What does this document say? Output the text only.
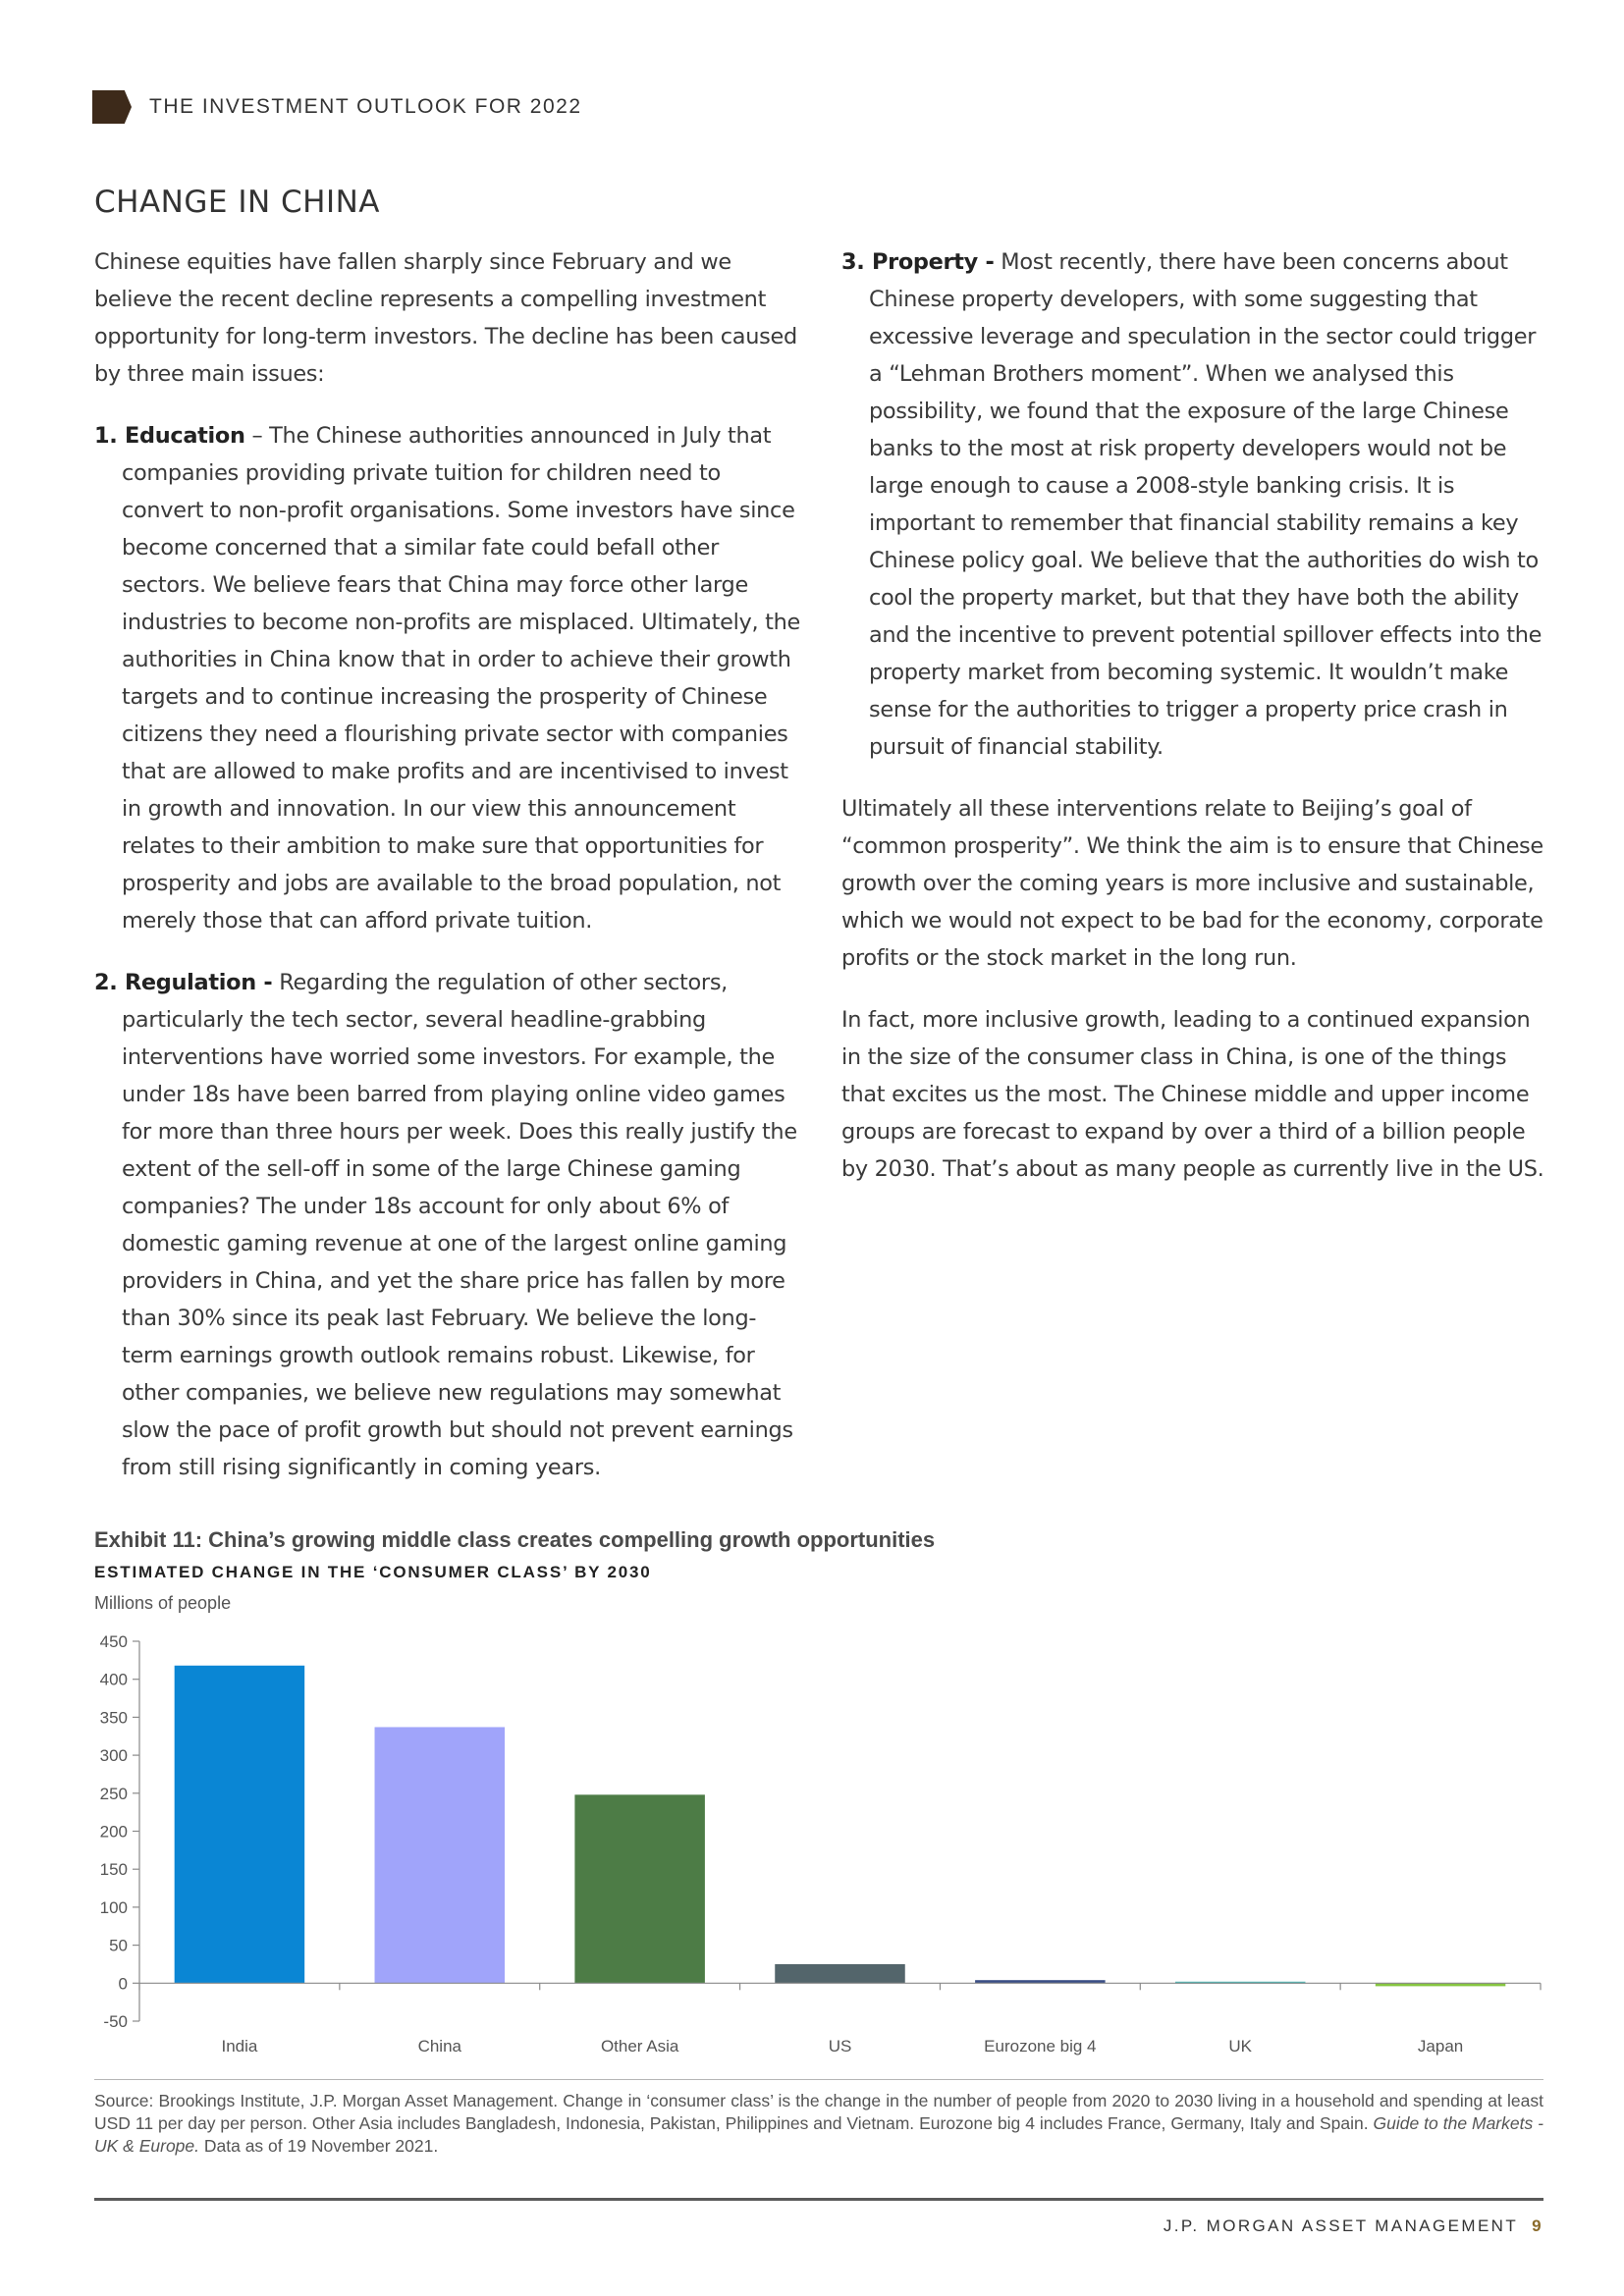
THE INVESTMENT OUTLOOK FOR 2022
CHANGE IN CHINA

Chinese equities have fallen sharply since February and we believe the recent decline represents a compelling investment opportunity for long-term investors. The decline has been caused by three main issues:

1. Education – The Chinese authorities announced in July that companies providing private tuition for children need to convert to non-profit organisations. Some investors have since become concerned that a similar fate could befall other sectors. We believe fears that China may force other large industries to become non-profits are misplaced. Ultimately, the authorities in China know that in order to achieve their growth targets and to continue increasing the prosperity of Chinese citizens they need a flourishing private sector with companies that are allowed to make profits and are incentivised to invest in growth and innovation. In our view this announcement relates to their ambition to make sure that opportunities for prosperity and jobs are available to the broad population, not merely those that can afford private tuition.

2. Regulation - Regarding the regulation of other sectors, particularly the tech sector, several headline-grabbing interventions have worried some investors. For example, the under 18s have been barred from playing online video games for more than three hours per week. Does this really justify the extent of the sell-off in some of the large Chinese gaming companies? The under 18s account for only about 6% of domestic gaming revenue at one of the largest online gaming providers in China, and yet the share price has fallen by more than 30% since its peak last February. We believe the long-term earnings growth outlook remains robust. Likewise, for other companies, we believe new regulations may somewhat slow the pace of profit growth but should not prevent earnings from still rising significantly in coming years.

3. Property - Most recently, there have been concerns about Chinese property developers, with some suggesting that excessive leverage and speculation in the sector could trigger a “Lehman Brothers moment”. When we analysed this possibility, we found that the exposure of the large Chinese banks to the most at risk property developers would not be large enough to cause a 2008-style banking crisis. It is important to remember that financial stability remains a key Chinese policy goal. We believe that the authorities do wish to cool the property market, but that they have both the ability and the incentive to prevent potential spillover effects into the property market from becoming systemic. It wouldn’t make sense for the authorities to trigger a property price crash in pursuit of financial stability.

Ultimately all these interventions relate to Beijing’s goal of “common prosperity”. We think the aim is to ensure that Chinese growth over the coming years is more inclusive and sustainable, which we would not expect to be bad for the economy, corporate profits or the stock market in the long run.

In fact, more inclusive growth, leading to a continued expansion in the size of the consumer class in China, is one of the things that excites us the most. The Chinese middle and upper income groups are forecast to expand by over a third of a billion people by 2030. That’s about as many people as currently live in the US.

Exhibit 11: China’s growing middle class creates compelling growth opportunities
ESTIMATED CHANGE IN THE ‘CONSUMER CLASS’ BY 2030
Millions of people
-50
0
50
100
150
200
250
300
350
400
450
India	China	Other Asia	US	Eurozone big 4	UK	Japan

Source: Brookings Institute, J.P. Morgan Asset Management. Change in ‘consumer class’ is the change in the number of people from 2020 to 2030 living in a household and spending at least USD 11 per day per person. Other Asia includes Bangladesh, Indonesia, Pakistan, Philippines and Vietnam. Eurozone big 4 includes France, Germany, Italy and Spain. Guide to the Markets - UK & Europe. Data as of 19 November 2021.

J.P. MORGAN ASSET MANAGEMENT 9
